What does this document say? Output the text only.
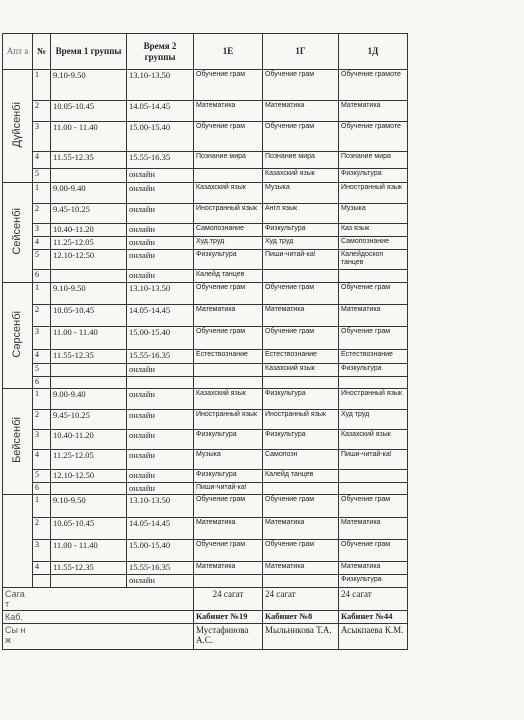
Апт а	№	Время 1 группы	Время 2 группы	1Е	1Г	1Д
Дүйсенбі	1	9.10-9.50	13.10-13.50	Обучение грам	Обучение грам	Обучение грамоте
	2	10.05-10.45	14.05-14.45	Математика	Математика	Математика
	3	11.00 - 11.40	15.00-15.40	Обучение грам	Обучение грам	Обучение грамоте
	4	11.55-12.35	15.55-16.35	Познание мира	Познание мира	Познание мира
	5		онлайн		Казахский язык	Физкультура
Сейсенбі	1	9.00-9.40	онлайн	Казахский язык	Музыка	Иностранный язык
	2	9.45-10.25	онлайн	Иностранный язык	Англ язык	Музыка
	3	10.40-11.20	онлайн	Самопознание	Физкультура	Каз язык
	4	11.25-12.05	онлайн	Худ.труд	Худ труд	Самопознание
	5	12.10-12.50	онлайн	Физкультура	Пиши-читай-ка!	Калейдоскоп танцев
	6		онлайн	Калейд танцев		
Сәрсенбі	1	9.10-9.50	13.10-13.50	Обучение грам	Обучение грам	Обучение грам
	2	10.05-10.45	14.05-14.45	Математика	Математика	Математика
	3	11.00 - 11.40	15.00-15.40	Обучение грам	Обучение грам	Обучение грам
	4	11.55-12.35	15.55-16.35	Естествознание	Естествознание	Естествознание
	5		онлайн		Казахский язык	Физкультура
	6					
Бейсенбі	1	9.00-9.40	онлайн	Казахский язык	Физкультура	Иностранный язык
	2	9.45-10.25	онлайн	Иностранный язык	Иностранный язык	Худ труд
	3	10.40-11.20	онлайн	Физкультура	Физкультура	Казахский язык
	4	11.25-12.05	онлайн	Музыка	Самопозн	Пиши-читай-ка!
	5	12.10-12.50	онлайн	Физкультура	Калейд танцев	
	6		онлайн	Пиши-читай-ка!		
	1	9.10-9.50	13.10-13.50	Обучение грам	Обучение грам	Обучение грам
	2	10.05-10.45	14.05-14.45	Математика	Математика	Математика
	3	11.00 - 11.40	15.00-15.40	Обучение грам	Обучение грам	Обучение грам
	4	11.55-12.35	15.55-16.35	Математика	Математика	Математика
			онлайн			Физкультура
Сага т				24 сагат	24 сагат	24 сагат
Каб.				Кабинет №19	Кабинет №8	Кабинет №44
Сы н ж				Мустафинова А.С.	Мыльникова Т.А.	Асыкпаева К.М.
